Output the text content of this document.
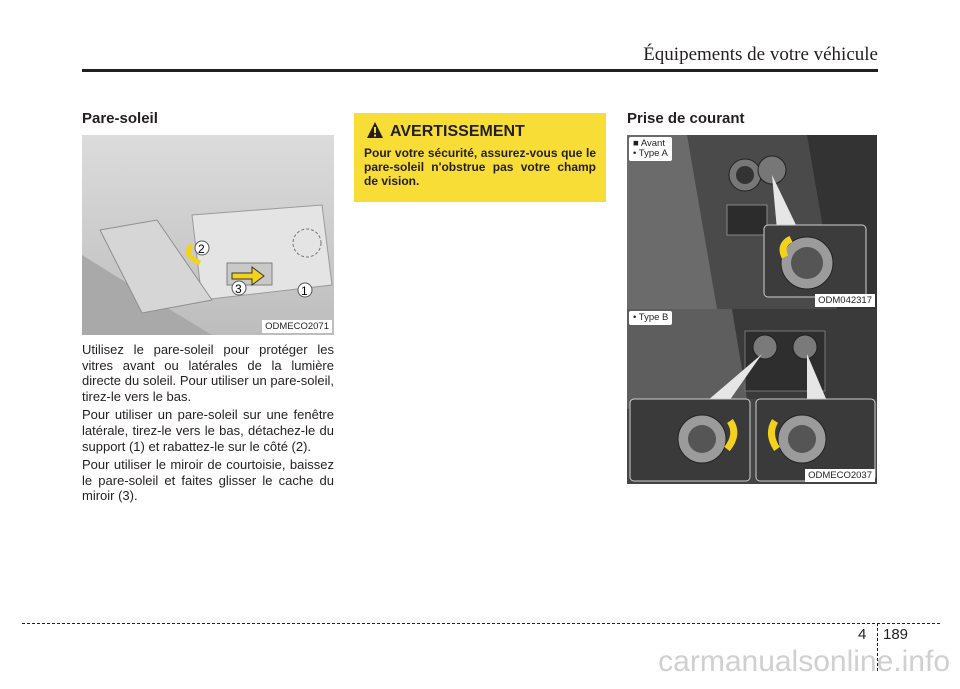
Équipements de votre véhicule
Pare-soleil
2
3	1
ODMECO2071

Utilisez le pare-soleil pour protéger les vitres avant ou latérales de la lumière directe du soleil. Pour utiliser un pare-soleil, tirez-le vers le bas.

Pour utiliser un pare-soleil sur une fenêtre latérale, tirez-le vers le bas, détachez-le du support (1) et rabattez-le sur le côté (2).

Pour utiliser le miroir de courtoisie, baissez le pare-soleil et faites glisser le cache du miroir (3).

AVERTISSEMENT
Pour votre sécurité, assurez-vous que le pare-soleil n'obstrue pas votre champ de vision.
Prise de courant
■ Avant
• Type A
ODM042317
• Type B
ODMECO2037
4 189
carmanualsonline.info
